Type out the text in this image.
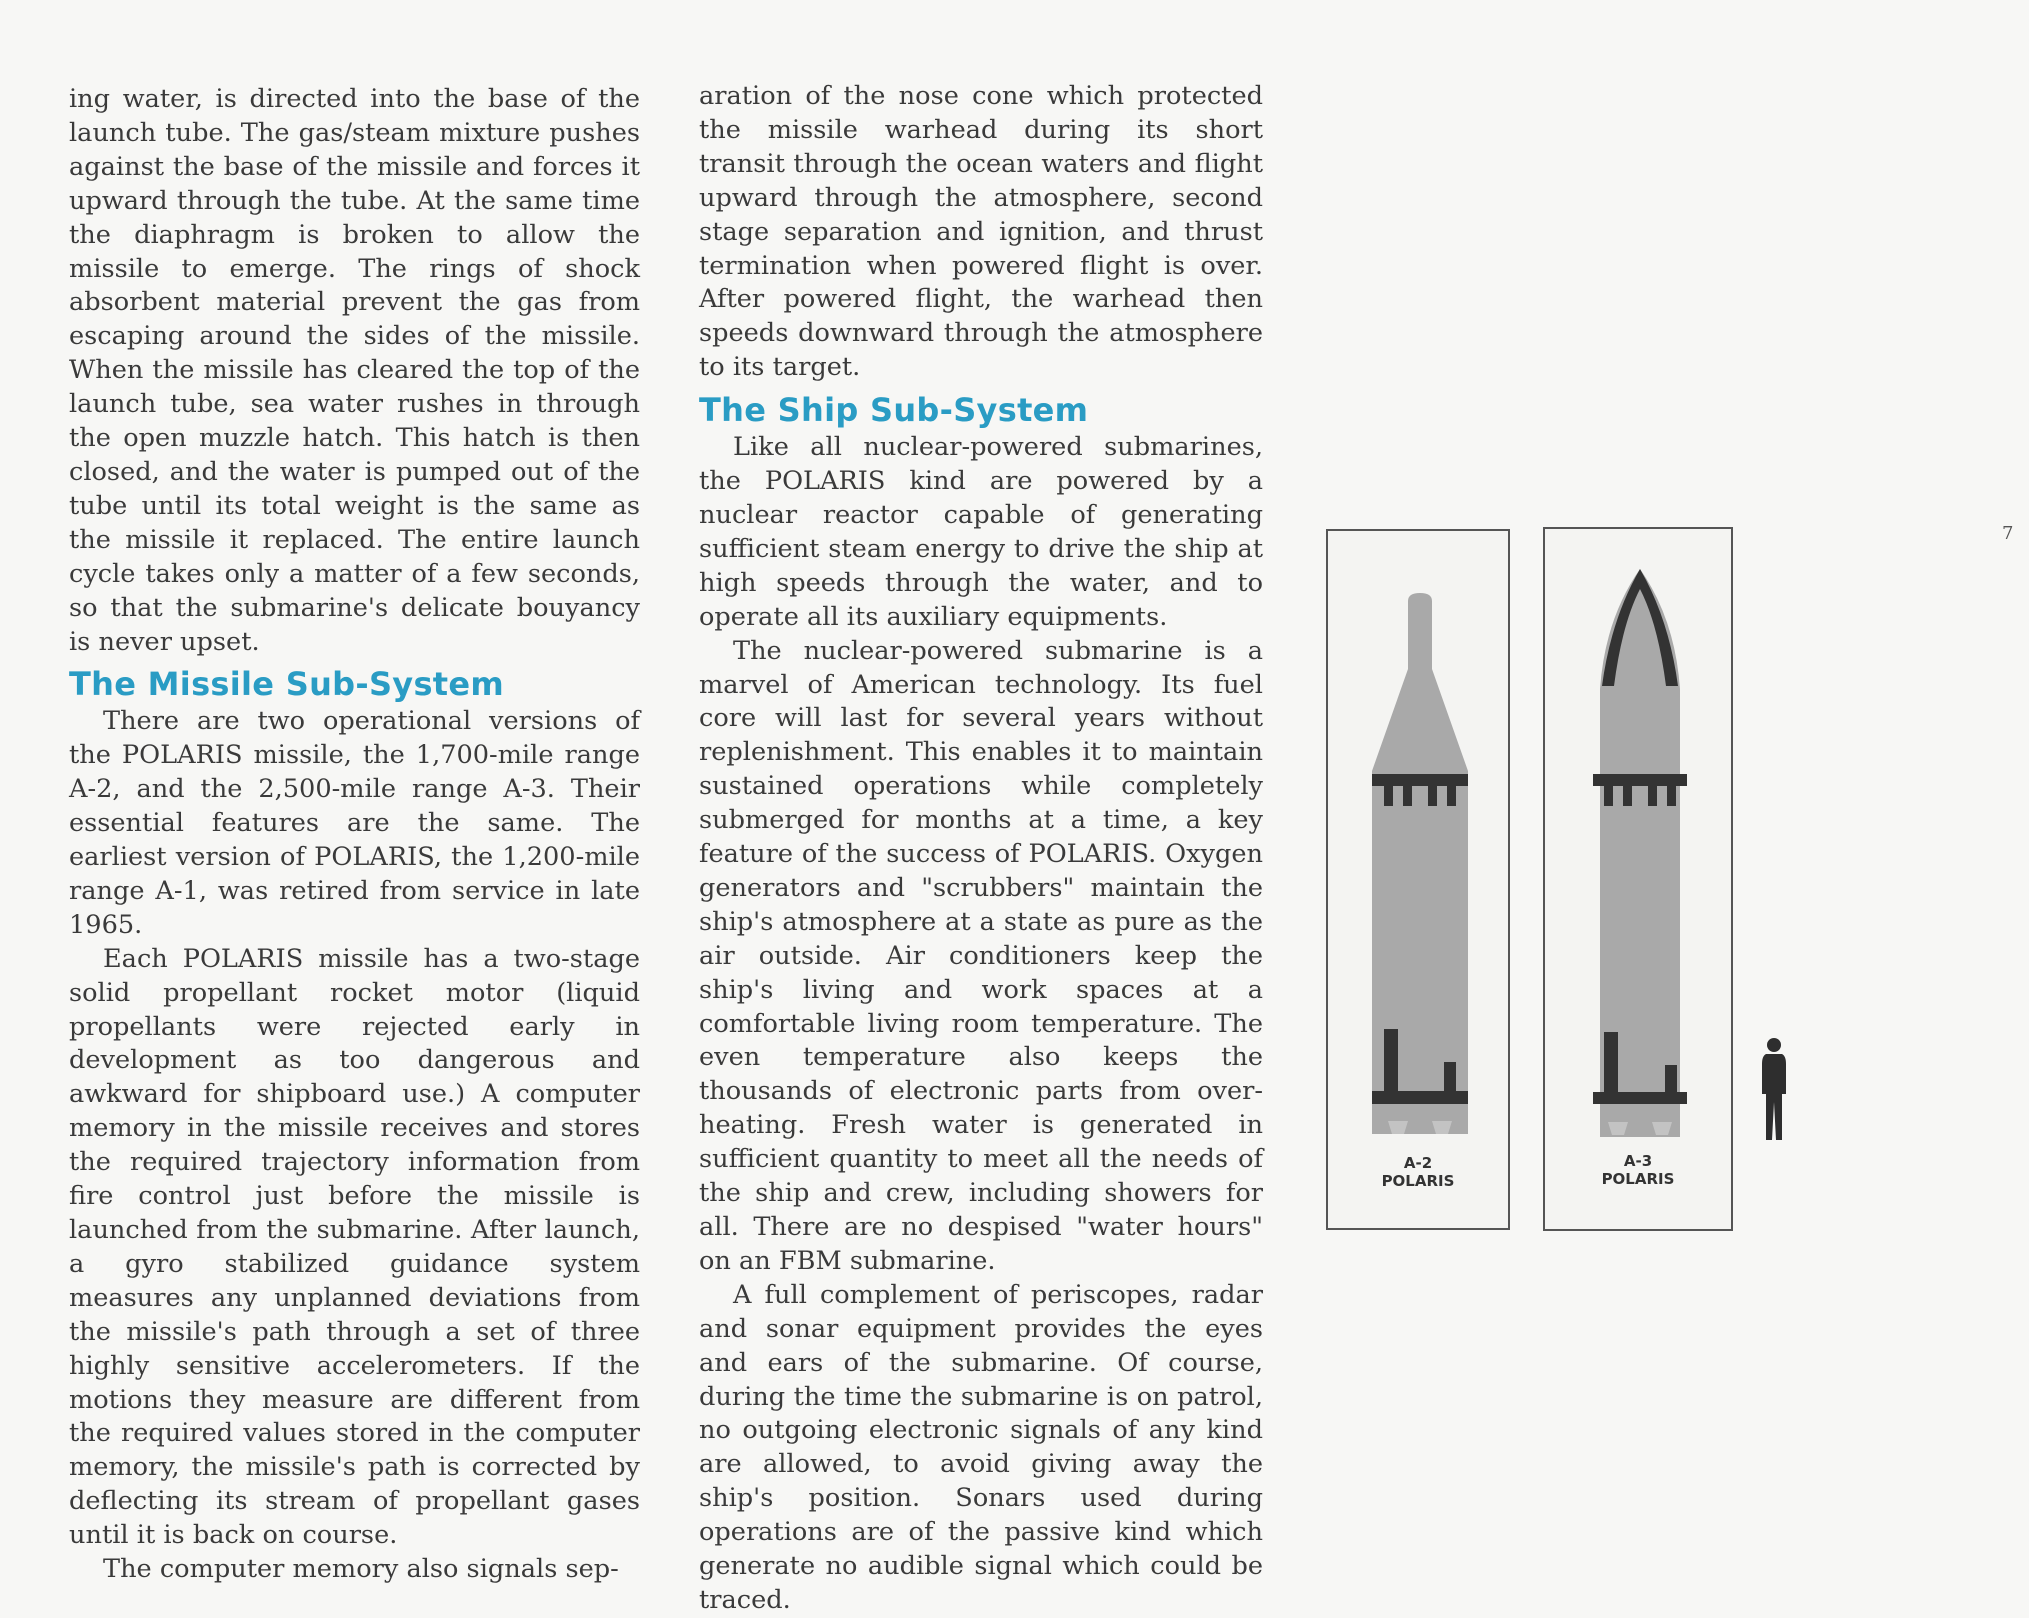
ing water, is directed into the base of the launch tube. The gas/steam mixture pushes against the base of the missile and forces it upward through the tube. At the same time the diaphragm is broken to allow the missile to emerge. The rings of shock absorbent material prevent the gas from escaping around the sides of the missile. When the missile has cleared the top of the launch tube, sea water rushes in through the open muzzle hatch. This hatch is then closed, and the water is pumped out of the tube until its total weight is the same as the missile it replaced. The entire launch cycle takes only a matter of a few seconds, so that the submarine's delicate bouyancy is never upset.

The Missile Sub-System

There are two operational versions of the POLARIS missile, the 1,700-mile range A-2, and the 2,500-mile range A-3. Their essential features are the same. The earliest version of POLARIS, the 1,200-mile range A-1, was retired from service in late 1965.

Each POLARIS missile has a two-stage solid propellant rocket motor (liquid propellants were rejected early in development as too dangerous and awkward for shipboard use.) A computer memory in the missile receives and stores the required trajectory information from fire control just before the missile is launched from the submarine. After launch, a gyro stabilized guidance system measures any unplanned deviations from the missile's path through a set of three highly sensitive accelerometers. If the motions they measure are different from the required values stored in the computer memory, the missile's path is corrected by deflecting its stream of propellant gases until it is back on course.

The computer memory also signals sep-

aration of the nose cone which protected the missile warhead during its short transit through the ocean waters and flight upward through the atmosphere, second stage separation and ignition, and thrust termination when powered flight is over. After powered flight, the warhead then speeds downward through the atmosphere to its target.

The Ship Sub-System

Like all nuclear-powered submarines, the POLARIS kind are powered by a nuclear reactor capable of generating sufficient steam energy to drive the ship at high speeds through the water, and to operate all its auxiliary equipments.

The nuclear-powered submarine is a marvel of American technology. Its fuel core will last for several years without replenishment. This enables it to maintain sustained operations while completely submerged for months at a time, a key feature of the success of POLARIS. Oxygen generators and "scrubbers" maintain the ship's atmosphere at a state as pure as the air outside. Air conditioners keep the ship's living and work spaces at a comfortable living room temperature. The even temperature also keeps the thousands of electronic parts from over-heating. Fresh water is generated in sufficient quantity to meet all the needs of the ship and crew, including showers for all. There are no despised "water hours" on an FBM submarine.

A full complement of periscopes, radar and sonar equipment provides the eyes and ears of the submarine. Of course, during the time the submarine is on patrol, no outgoing electronic signals of any kind are allowed, to avoid giving away the ship's position. Sonars used during operations are of the passive kind which generate no audible signal which could be traced.

7
A-2
POLARIS
A-3
POLARIS
